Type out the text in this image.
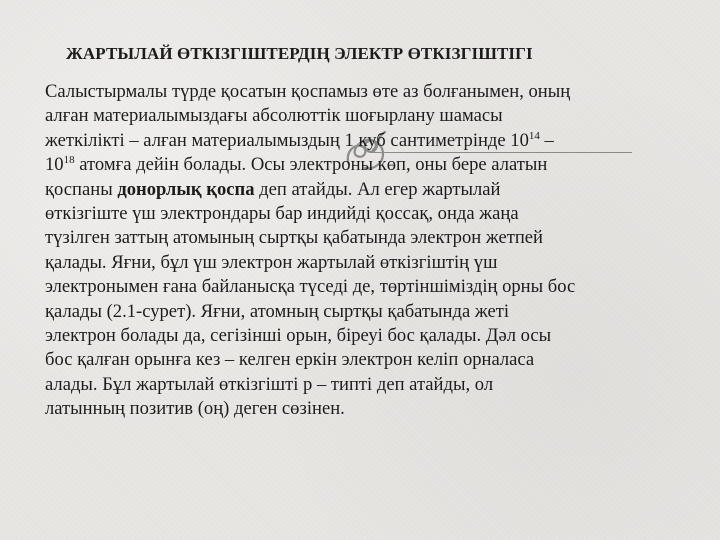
ЖАРТЫЛАЙ ӨТКІЗГІШТЕРДІҢ ЭЛЕКТР ӨТКІЗГІШТІГІ
Салыстырмалы түрде қосатын қоспамыз өте аз болғанымен, оның
алған материалымыздағы абсолюттік шоғырлану шамасы
жеткілікті – алған материалымыздың 1 куб сантиметрінде $10^{14}$ –
$10^{18}$ атомға дейін болады. Осы электроны көп, оны бере алатын
қоспаны донорлық қоспа деп атайды. Ал егер жартылай
өткізгіште үш электрондары бар индийді қоссақ, онда жаңа
түзілген заттың атомының сыртқы қабатында электрон жетпей
қалады. Яғни, бұл үш электрон жартылай өткізгіштің үш
электронымен ғана байланысқа түседі де, төртіншіміздің орны бос
қалады (2.1-сурет). Яғни, атомның сыртқы қабатында жеті
электрон болады да, сегізінші орын, біреуі бос қалады. Дәл осы
бос қалған орынға кез – келген еркін электрон келіп орналаса
алады. Бұл жартылай өткізгішті р – типті деп атайды, ол
латынның позитив (оң) деген сөзінен.
